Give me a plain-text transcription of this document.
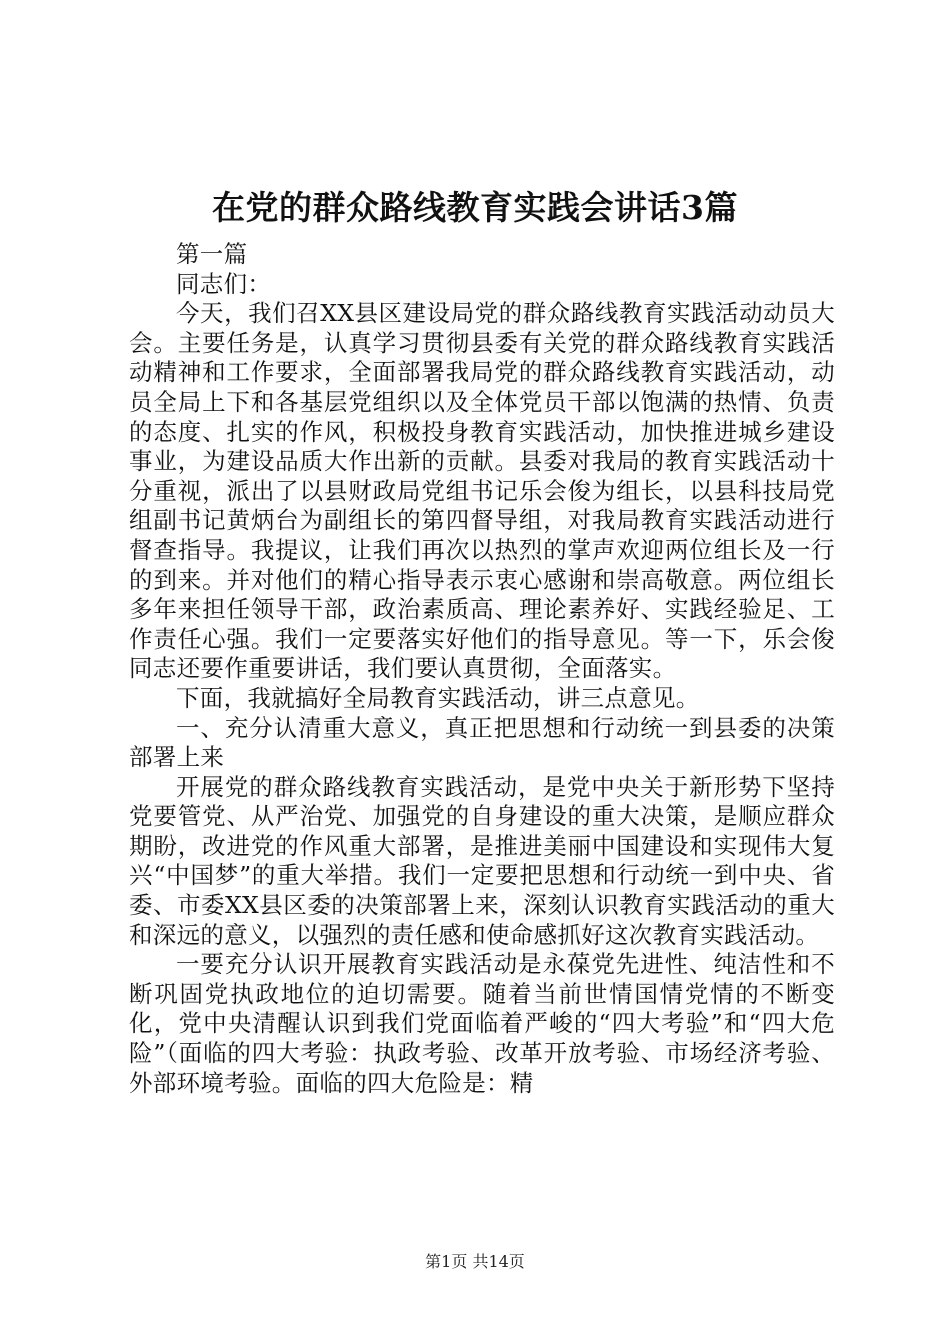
在党的群众路线教育实践会讲话3篇

第一篇

同志们：

今天，我们召XX县区建设局党的群众路线教育实践活动动员大会。主要任务是，认真学习贯彻县委有关党的群众路线教育实践活动精神和工作要求，全面部署我局党的群众路线教育实践活动，动员全局上下和各基层党组织以及全体党员干部以饱满的热情、负责的态度、扎实的作风，积极投身教育实践活动，加快推进城乡建设事业，为建设品质大作出新的贡献。县委对我局的教育实践活动十分重视，派出了以县财政局党组书记乐会俊为组长，以县科技局党组副书记黄炳台为副组长的第四督导组，对我局教育实践活动进行督查指导。我提议，让我们再次以热烈的掌声欢迎两位组长及一行的到来。并对他们的精心指导表示衷心感谢和崇高敬意。两位组长多年来担任领导干部，政治素质高、理论素养好、实践经验足、工作责任心强。我们一定要落实好他们的指导意见。等一下，乐会俊同志还要作重要讲话，我们要认真贯彻，全面落实。

下面，我就搞好全局教育实践活动，讲三点意见。

一、充分认清重大意义，真正把思想和行动统一到县委的决策部署上来

开展党的群众路线教育实践活动，是党中央关于新形势下坚持党要管党、从严治党、加强党的自身建设的重大决策，是顺应群众期盼，改进党的作风重大部署，是推进美丽中国建设和实现伟大复兴“中国梦”的重大举措。我们一定要把思想和行动统一到中央、省委、市委XX县区委的决策部署上来，深刻认识教育实践活动的重大和深远的意义，以强烈的责任感和使命感抓好这次教育实践活动。

一要充分认识开展教育实践活动是永葆党先进性、纯洁性和不断巩固党执政地位的迫切需要。随着当前世情国情党情的不断变化，党中央清醒认识到我们党面临着严峻的“四大考验”和“四大危险”（面临的四大考验：执政考验、改革开放考验、市场经济考验、外部环境考验。面临的四大危险是：精

第1页 共14页
